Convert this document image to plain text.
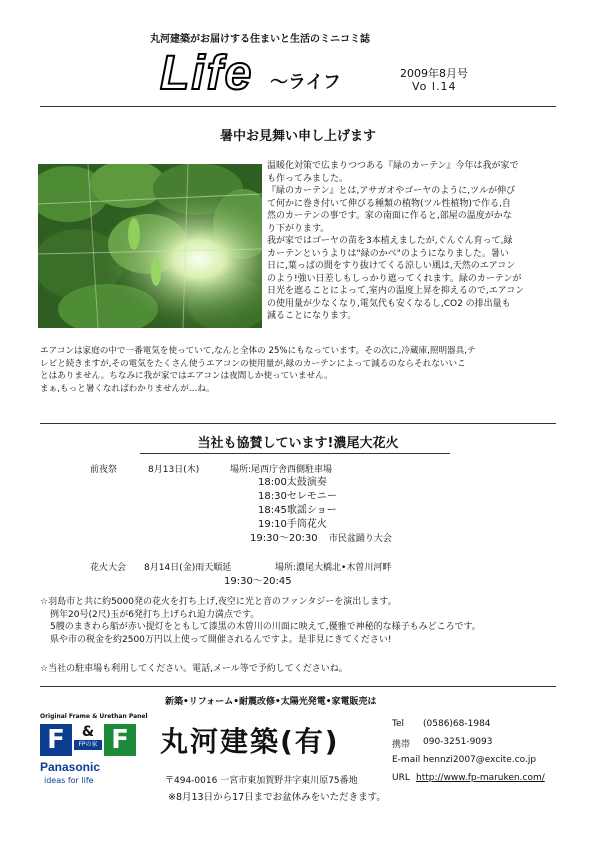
丸河建築がお届けする住まいと生活のミニコミ誌
Life 〜ライフ	2009年8月号
Vo l.14
暑中お見舞い申し上げます
温暖化対策で広まりつつある『緑のカーテン』今年は我が家で
も作ってみました。
『緑のカーテン』とは,アサガオやゴーヤのように,ツルが伸び
て何かに巻き付いて伸びる種類の植物(ツル性植物)で作る,自
然のカーテンの事です。家の南面に作ると,部屋の温度がかな
り下がります。
我が家ではゴーヤの苗を3本植えましたが,ぐんぐん育って,緑
カーテンというよりは"緑のかべ"のようになりました。暑い
日に,葉っぱの間をすり抜けてくる涼しい風は,天然のエアコン
のよう!強い日差しもしっかり遮ってくれます。緑のカーテンが
日光を遮ることによって,室内の温度上昇を抑えるので,エアコン
の使用量が少なくなり,電気代も安くなるし,CO2 の排出量も
減ることになります。
エアコンは家庭の中で一番電気を使っていて,なんと全体の 25%にもなっています。その次に,冷蔵庫,照明器具,テ
レビと続きますが,その電気をたくさん使うエアコンの使用量が,緑のカーテンによって減るのならそれないいこ
とはありません。ちなみに我が家ではエアコンは夜間しか使っていません。
まぁ,もっと暑くなればわかりませんが…ね。
当社も協賛しています!濃尾大花火
前夜祭	8月13日(木)	場所:尾西庁舎西側駐車場
18:00太鼓演奏
18:30セレモニー
18:45歌謡ショー
19:10手筒花火
19:30〜20:30 市民盆踊り大会
花火大会 8月14日(金)雨天順延	場所:濃尾大橋北•木曽川河畔
19:30〜20:45
☆羽島市と共に約5000発の花火を打ち上げ,夜空に光と音のファンタジーを演出します。
例年20号(2尺)玉が6発打ち上げられ迫力満点です。
5艘のまきわら船が赤い提灯をともして漆黒の木曽川の川面に映えて,優雅で神秘的な様子もみどころです。
県や市の税金を約2500万円以上使って開催されるんですよ。是非見にきてください!
☆当社の駐車場も利用してください。電話,メール等で予約してくださいね。
新築•リフォーム•耐震改修•太陽光発電•家電販売は
Original Frame & Urethan Panel
F	&
FPの家 F
Panasonic
ideas for life
丸河建築(有)
Tel (0586)68-1984
携帯 090-3251-9093
E-mail hennzi2007@excite.co.jp
〒494-0016 一宮市東加賀野井字東川原75番地	URL http://www.fp-maruken.com/
※8月13日から17日までお盆休みをいただきます。
